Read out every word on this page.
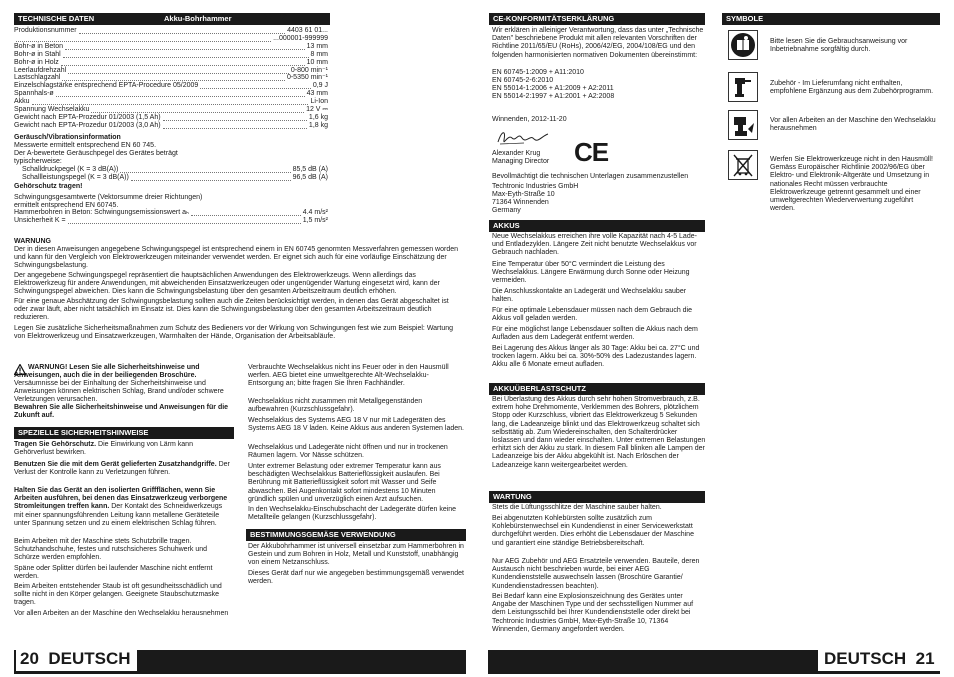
TECHNISCHE DATEN	Akku-Bohrhammer	BBH 12
Produktionsnummer	4403 61 01...
...000001-999999
Bohr-ø in Beton	13 mm
Bohr-ø in Stahl	8 mm
Bohr-ø in Holz	10 mm
Leerlaufdrehzahl	0-800 min⁻¹
Lastschlagzahl	0-5350 min⁻¹
Einzelschlagstärke entsprechend EPTA-Procedure 05/2009	0,9 J
Spannhals-ø	43 mm
Akku	Li-Ion
Spannung Wechselakku	12 V ⎓
Gewicht nach EPTA-Prozedur 01/2003 (1,5 Ah)	1,6 kg
Gewicht nach EPTA-Prozedur 01/2003 (3,0 Ah)	1,8 kg
Geräusch/Vibrationsinformation
Messwerte ermittelt entsprechend EN 60 745.
Der A-bewertete Geräuschpegel des Gerätes beträgt
typischerweise:
Schalldruckpegel (K = 3 dB(A))	85,5 dB (A)
Schallleistungspegel (K = 3 dB(A))	96,5 dB (A)
Gehörschutz tragen!
Schwingungsgesamtwerte (Vektorsumme dreier Richtungen)
ermittelt entsprechend EN 60745.
Hammerbohren in Beton: Schwingungsemissionswert aₕ	4.4 m/s²
Unsicherheit K =	1,5 m/s²
WARNUNG
Der in diesen Anweisungen angegebene Schwingungspegel ist entsprechend einem in EN 60745 genormten Messverfahren gemessen worden und kann für den Vergleich von Elektrowerkzeugen miteinander verwendet werden. Er eignet sich auch für eine vorläufige Einschätzung der Schwingungsbelastung.
Der angegebene Schwingungspegel repräsentiert die hauptsächlichen Anwendungen des Elektrowerkzeugs. Wenn allerdings das Elektrowerkzeug für andere Anwendungen, mit abweichenden Einsatzwerkzeugen oder ungenügender Wartung eingesetzt wird, kann der Schwingungspegel abweichen. Dies kann die Schwingungsbelastung über den gesamten Arbeitszeitraum deutlich erhöhen.
Für eine genaue Abschätzung der Schwingungsbelastung sollten auch die Zeiten berücksichtigt werden, in denen das Gerät abgeschaltet ist oder zwar läuft, aber nicht tatsächlich im Einsatz ist. Dies kann die Schwingungsbelastung über den gesamten Arbeitszeitraum deutlich reduzieren.
Legen Sie zusätzliche Sicherheitsmaßnahmen zum Schutz des Bedieners vor der Wirkung von Schwingungen fest wie zum Beispiel: Wartung von Elektrowerkzeug und Einsatzwerkzeugen, Warmhalten der Hände, Organisation der Arbeitsabläufe.
WARNUNG! Lesen Sie alle Sicherheitshinweise und Anweisungen, auch die in der beiliegenden Broschüre.
Versäumnisse bei der Einhaltung der Sicherheitshinweise und Anweisungen können elektrischen Schlag, Brand und/oder schwere Verletzungen verursachen.
Bewahren Sie alle Sicherheitshinweise und Anweisungen für die Zukunft auf.
SPEZIELLE SICHERHEITSHINWEISE
Tragen Sie Gehörschutz. Die Einwirkung von Lärm kann Gehörverlust bewirken.
Benutzen Sie die mit dem Gerät gelieferten Zusatzhandgriffe. Der Verlust der Kontrolle kann zu Verletzungen führen.
Halten Sie das Gerät an den isolierten Griffflächen, wenn Sie Arbeiten ausführen, bei denen das Einsatzwerkzeug verborgene Stromleitungen treffen kann. Der Kontakt des Schneidwerkzeugs mit einer spannungsführenden Leitung kann metallene Geräteteile unter Spannung setzen und zu einem elektrischen Schlag führen.
Beim Arbeiten mit der Maschine stets Schutzbrille tragen. Schutzhandschuhe, festes und rutschsicheres Schuhwerk und Schürze werden empfohlen.
Späne oder Splitter dürfen bei laufender Maschine nicht entfernt werden.
Beim Arbeiten entstehender Staub ist oft gesundheitsschädlich und sollte nicht in den Körper gelangen. Geeignete Staubschutzmaske tragen.
Vor allen Arbeiten an der Maschine den Wechselakku herausnehmen
Verbrauchte Wechselakkus nicht ins Feuer oder in den Hausmüll werfen. AEG bietet eine umweltgerechte Alt-Wechselakku-Entsorgung an; bitte fragen Sie Ihren Fachhändler.
Wechselakkus nicht zusammen mit Metallgegenständen aufbewahren (Kurzschlussgefahr).
Wechselakkus des Systems AEG 18 V nur mit Ladegeräten des Systems AEG 18 V laden. Keine Akkus aus anderen Systemen laden.
Wechselakkus und Ladegeräte nicht öffnen und nur in trockenen Räumen lagern. Vor Nässe schützen.
Unter extremer Belastung oder extremer Temperatur kann aus beschädigten Wechselakkus Batterieflüssigkeit auslaufen. Bei Berührung mit Batterieflüssigkeit sofort mit Wasser und Seife abwaschen. Bei Augenkontakt sofort mindestens 10 Minuten gründlich spülen und unverzüglich einen Arzt aufsuchen.
In den Wechselakku-Einschubschacht der Ladegeräte dürfen keine Metallteile gelangen (Kurzschlussgefahr).
BESTIMMUNGSGEMÄSE VERWENDUNG
Der Akkubohrhammer ist universell einsetzbar zum Hammerbohren in Gestein und zum Bohren in Holz, Metall und Kunststoff, unabhängig von einem Netzanschluss.
Dieses Gerät darf nur wie angegeben bestimmungsgemäß verwendet werden.
20 DEUTSCH
CE-KONFORMITÄTSERKLÄRUNG
Wir erklären in alleiniger Verantwortung, dass das unter „Technische Daten" beschriebene Produkt mit allen relevanten Vorschriften der Richtline 2011/65/EU (RoHs), 2006/42/EG, 2004/108/EG und den folgenden harmonisierten normativen Dokumenten übereinstimmt:
EN 60745-1:2009 + A11:2010
EN 60745-2-6:2010
EN 55014-1:2006 + A1:2009 + A2:2011
EN 55014-2:1997 + A1:2001 + A2:2008
Winnenden, 2012-11-20
Alexander Krug
Managing Director CE
Bevollmächtigt die technischen Unterlagen zusammenzustellen
Techtronic Industries GmbH
Max-Eyth-Straße 10
71364 Winnenden
Germany
AKKUS
Neue Wechselakkus erreichen ihre volle Kapazität nach 4-5 Lade-und Entladezyklen. Längere Zeit nicht benutzte Wechselakkus vor Gebrauch nachladen.
Eine Temperatur über 50°C vermindert die Leistung des Wechselakkus. Längere Erwärmung durch Sonne oder Heizung vermeiden.
Die Anschlusskontakte an Ladegerät und Wechselakku sauber halten.
Für eine optimale Lebensdauer müssen nach dem Gebrauch die Akkus voll geladen werden.
Für eine möglichst lange Lebensdauer sollten die Akkus nach dem Aufladen aus dem Ladegerät entfernt werden.
Bei Lagerung des Akkus länger als 30 Tage: Akku bei ca. 27°C und trocken lagern. Akku bei ca. 30%-50% des Ladezustandes lagern. Akku alle 6 Monate erneut aufladen.
AKKUÜBERLASTSCHUTZ
Bei Überlastung des Akkus durch sehr hohen Stromverbrauch, z.B. extrem hohe Drehmomente, Verklemmen des Bohrers, plötzlichem Stopp oder Kurzschluss, vibriert das Elektrowerkzeug 5 Sekunden lang, die Ladeanzeige blinkt und das Elektrowerkzeug schaltet sich selbsttätig ab. Zum Wiedereinschalten, den Schalterdrücker loslassen und dann wieder einschalten. Unter extremen Belastungen erhitzt sich der Akku zu stark. In diesem Fall blinken alle Lampen der Ladeanzeige bis der Akku abgekühlt ist. Nach Erlöschen der Ladeanzeige kann weitergearbeitet werden.
WARTUNG
Stets die Lüftungsschlitze der Maschine sauber halten.
Bei abgenutzten Kohlebürsten sollte zusätzlich zum Kohlebürstenwechsel ein Kundendienst in einer Servicewerkstatt durchgeführt werden. Dies erhöht die Lebensdauer der Maschine und garantiert eine ständige Betriebsbereitschaft.
Nur AEG Zubehör und AEG Ersatzteile verwenden. Bauteile, deren Austausch nicht beschrieben wurde, bei einer AEG Kundendienststelle auswechseln lassen (Broschüre Garantie/ Kundendienstadressen beachten).
Bei Bedarf kann eine Explosionszeichnung des Gerätes unter Angabe der Maschinen Type und der sechsstelligen Nummer auf dem Leistungsschild bei Ihrer Kundendienststelle oder direkt bei Techtronic Industries GmbH, Max-Eyth-Straße 10, 71364 Winnenden, Germany angefordert werden.
SYMBOLE
Bitte lesen Sie die Gebrauchsanweisung vor Inbetriebnahme sorgfältig durch.
Zubehör - Im Lieferumfang nicht enthalten, empfohlene Ergänzung aus dem Zubehörprogramm.
Vor allen Arbeiten an der Maschine den Wechselakku herausnehmen
Werfen Sie Elektrowerkzeuge nicht in den Hausmüll! Gemäss Europäischer Richtlinie 2002/96/EG über Elektro- und Elektronik-Altgeräte und Umsetzung in nationales Recht müssen verbrauchte Elektrowerkzeuge getrennt gesammelt und einer umweltgerechten Wiederverwertung zugeführt werden.
DEUTSCH 21
